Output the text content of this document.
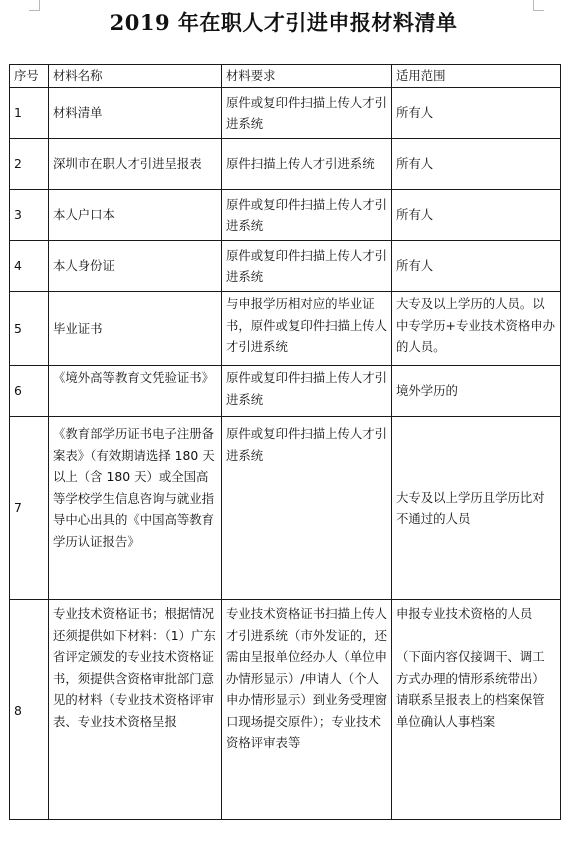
2019 年在职人才引进申报材料清单
序号	材料名称	材料要求	适用范围
1	材料清单	原件或复印件扫描上传人才引进系统	所有人
2	深圳市在职人才引进呈报表	原件扫描上传人才引进系统	所有人
3	本人户口本	原件或复印件扫描上传人才引进系统	所有人
4	本人身份证	原件或复印件扫描上传人才引进系统	所有人
5	毕业证书	与申报学历相对应的毕业证书，原件或复印件扫描上传人才引进系统	大专及以上学历的人员。以中专学历+专业技术资格申办的人员。
6	《境外高等教育文凭验证书》	原件或复印件扫描上传人才引进系统	境外学历的
7	《教育部学历证书电子注册备案表》（有效期请选择 180 天以上（含 180 天）或全国高等学校学生信息咨询与就业指导中心出具的《中国高等教育学历认证报告》	原件或复印件扫描上传人才引进系统	大专及以上学历且学历比对不通过的人员
8	专业技术资格证书；根据情况还须提供如下材料：（1）广东省评定颁发的专业技术资格证书，须提供含资格审批部门意见的材料（专业技术资格评审表、专业技术资格呈报	专业技术资格证书扫描上传人才引进系统（市外发证的，还需由呈报单位经办人（单位申办情形显示）/申请人（个人申办情形显示）到业务受理窗口现场提交原件）；专业技术资格评审表等	申报专业技术资格的人员
（下面内容仅接调干、调工方式办理的情形系统带出）
请联系呈报表上的档案保管单位确认人事档案
